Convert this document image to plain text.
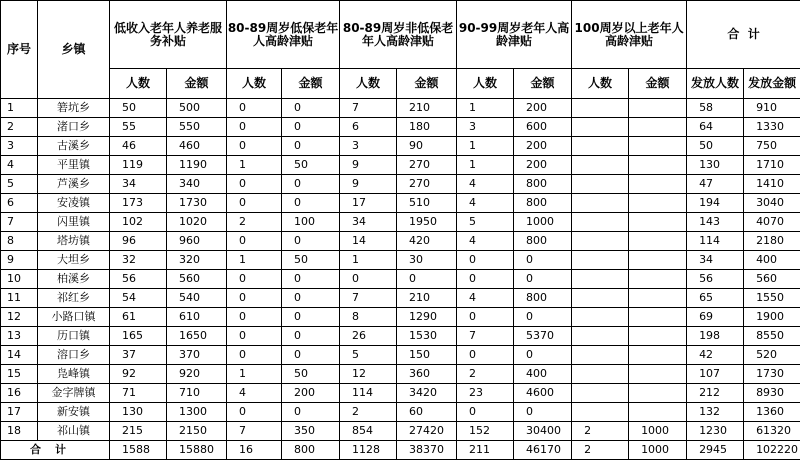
序号	乡镇	低收入老年人养老服务补贴		80-89周岁低保老年人高龄津贴		80-89周岁非低保老年人高龄津贴		90-99周岁老年人高龄津贴		100周岁以上老年人高龄津贴		合  计	
		人数	金额	人数	金额	人数	金额	人数	金额	人数	金额	发放人数	发放金额
1	箬坑乡	50	500	0	0	7	210	1	200			58	910
2	渚口乡	55	550	0	0	6	180	3	600			64	1330
3	古溪乡	46	460	0	0	3	90	1	200			50	750
4	平里镇	119	1190	1	50	9	270	1	200			130	1710
5	芦溪乡	34	340	0	0	9	270	4	800			47	1410
6	安凌镇	173	1730	0	0	17	510	4	800			194	3040
7	闪里镇	102	1020	2	100	34	1950	5	1000			143	4070
8	塔坊镇	96	960	0	0	14	420	4	800			114	2180
9	大坦乡	32	320	1	50	1	30	0	0			34	400
10	柏溪乡	56	560	0	0	0	0	0	0			56	560
11	祁红乡	54	540	0	0	7	210	4	800			65	1550
12	小路口镇	61	610	0	0	8	1290	0	0			69	1900
13	历口镇	165	1650	0	0	26	1530	7	5370			198	8550
14	溶口乡	37	370	0	0	5	150	0	0			42	520
15	凫峰镇	92	920	1	50	12	360	2	400			107	1730
16	金字牌镇	71	710	4	200	114	3420	23	4600			212	8930
17	新安镇	130	1300	0	0	2	60	0	0			132	1360
18	祁山镇	215	2150	7	350	854	27420	152	30400	2	1000	1230	61320
合计		1588	15880	16	800	1128	38370	211	46170	2	1000	2945	102220
